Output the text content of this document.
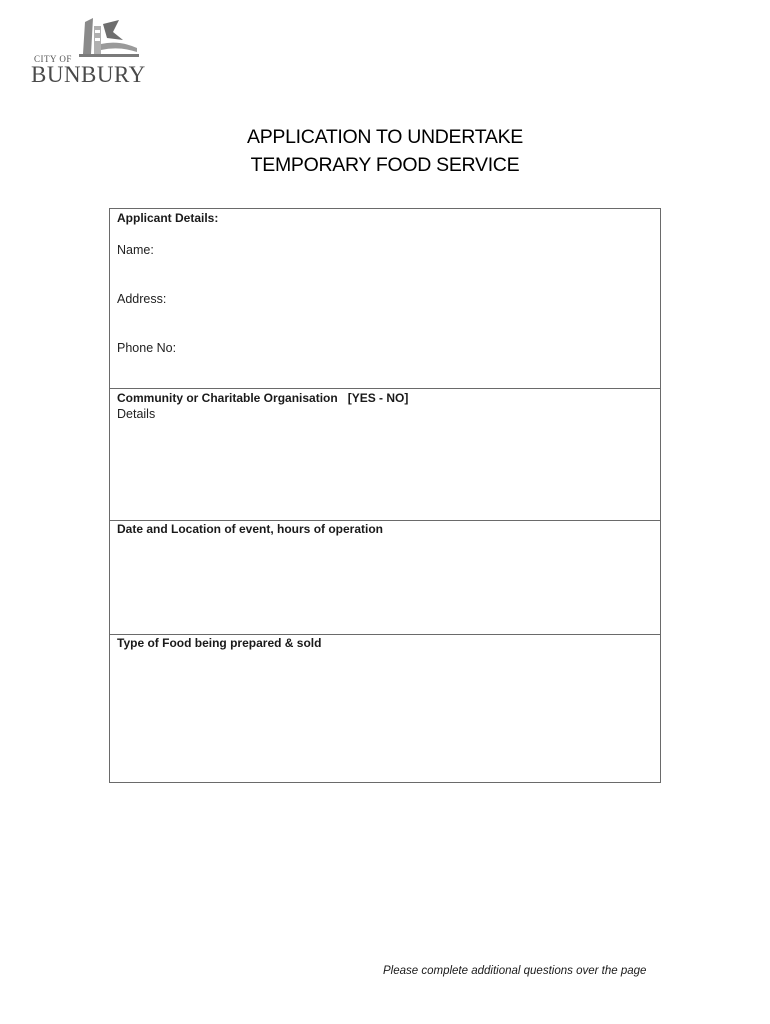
CITY OF
BUNBURY
APPLICATION TO UNDERTAKE
TEMPORARY FOOD SERVICE
Applicant Details:
Name:
Address:
Phone No:
Community or Charitable Organisation [YES - NO]
Details
Date and Location of event, hours of operation
Type of Food being prepared & sold
Please complete additional questions over the page
